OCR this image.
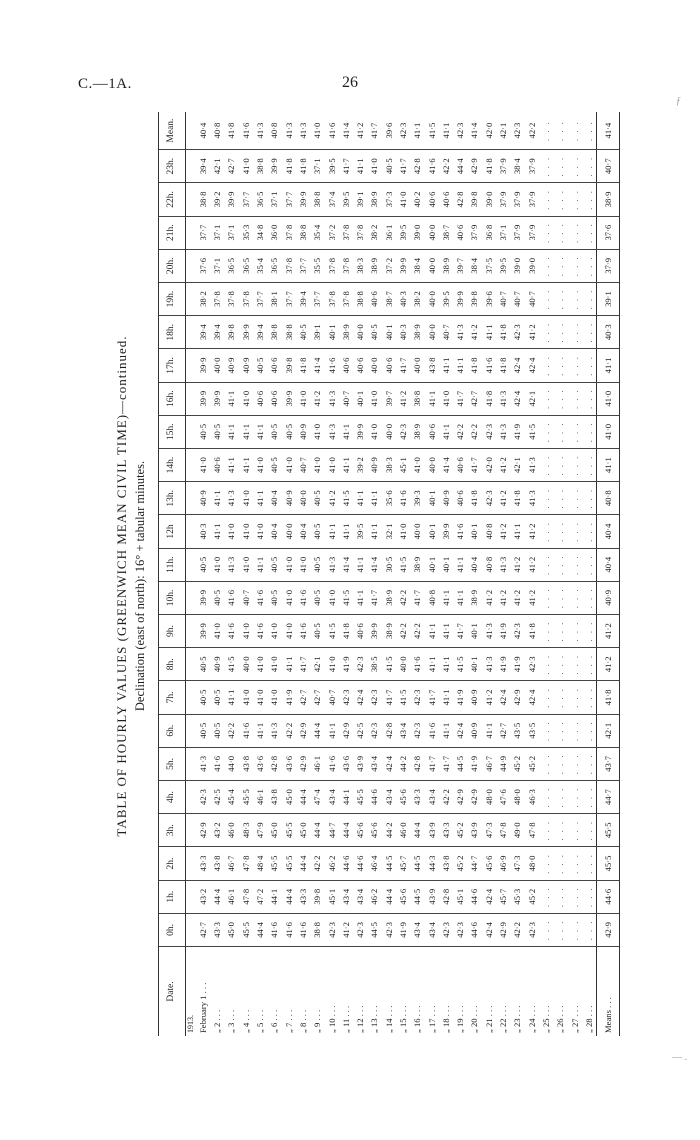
C.—1A.	26
ƒ
— .
TABLE OF HOURLY VALUES (GREENWICH MEAN CIVIL TIME)—continued. Declination (east of north): 16° + tabular minutes.
Date.	0h.	1h.	2h.	3h.	4h.	5h.	6h.	7h.	8h.	9h.	10h.	11h.	12h	13h.	14h.	15h.	16h.	17h.	18h.	19h.	20h.	21h.	22h.	23h.	Mean.
1913.																									
February 1 . . .	42·7	43·2	43·3	42·9	42·3	41·3	40·5	40·5	40·5	39·9	39·9	40·5	40·3	40·9	41·0	40·5	39·9	39·9	39·4	38·2	37·6	37·7	38·8	39·4	40·4
„ 2 . . .	43·3	44·4	43·8	43·2	42·5	41·6	40·5	40·5	40·9	41·0	40·5	41·0	41·1	41·1	40·6	40·5	39·9	40·0	39·4	37·8	37·1	37·1	39·2	42·1	40·8
„ 3 . . .	45·0	46·1	46·7	46·0	45·4	44·0	42·2	41·1	41·5	41·6	41·6	41·3	41·0	41·3	41·1	41·1	41·1	40·9	39·8	37·8	36·5	37·1	39·9	42·7	41·8
„ 4 . . .	45·5	47·8	47·8	48·3	45·5	43·8	41·6	41·0	40·0	41·0	40·7	41·0	41·0	41·0	41·1	41·1	41·0	40·9	39·9	37·8	36·5	35·3	37·7	41·0	41·6
„ 5 . . .	44·4	47·2	48·4	47·9	46·1	43·6	41·1	41·0	41·0	41·6	41·6	41·1	41·0	41·1	41·0	41·1	40·6	40·5	39·4	37·7	35·4	34·8	36·5	38·8	41·3
„ 6 . . .	41·6	44·1	45·5	45·0	43·8	42·8	41·3	41·0	41·0	41·0	40·5	40·5	40·4	40·4	40·5	40·5	40·6	40·6	38·8	38·1	36·5	36·0	37·1	39·9	40·8
„ 7 . . .	41·6	44·4	45·5	45·5	45·0	43·6	42·2	41·9	41·1	41·0	41·0	41·0	40·0	40·9	41·0	40·5	39·9	39·8	38·8	37·7	37·8	37·8	37·7	41·8	41·3
„ 8 . . .	41·6	43·3	44·4	45·0	44·4	42·9	42·9	42·7	41·7	41·6	41·6	41·0	40·4	40·0	40·7	40·9	41·0	41·8	40·5	39·4	37·7	38·8	39·9	41·8	41·3
„ 9 . . .	38·8	39·8	42·2	44·4	47·4	46·1	44·4	42·7	42·1	40·5	40·5	40·5	40·5	40·5	41·0	41·0	41·2	41·4	39·1	37·7	35·5	35·4	38·8	37·1	41·0
„ 10 . . .	42·3	45·1	46·2	44·7	43·4	41·6	41·1	40·7	41·0	41·5	41·0	41·3	41·1	41·2	41·0	41·3	41·3	41·6	40·1	37·8	37·8	37·2	37·4	39·5	41·6
„ 11 . . .	41·2	43·4	44·6	44·4	44·1	43·6	42·9	42·3	41·9	41·8	41·5	41·4	41·1	41·5	41·1	41·1	40·7	40·6	38·9	37·8	37·8	37·8	39·5	41·7	41·4
„ 12 . . .	42·3	43·4	44·6	45·6	45·5	43·9	42·5	42·4	42·3	40·6	41·1	41·1	39·5	41·1	39·2	39·9	40·1	40·6	40·0	38·8	38·3	37·8	39·1	41·1	41·2
„ 13 . . .	44·5	46·2	46·4	45·6	44·6	43·4	42·3	42·3	38·5	39·9	41·7	41·4	41·1	41·1	40·9	41·0	41·0	40·0	40·5	40·6	38·9	38·2	38·9	41·0	41·7
„ 14 . . .	42·3	44·4	44·5	44·2	43·4	42·4	42·8	41·7	41·5	38·9	38·9	30·5	32·1	35·6	38·3	40·0	39·7	40·6	40·1	38·7	37·2	36·1	37·3	40·5	39·6
„ 15 . . .	41·9	45·6	45·7	46·0	45·6	44·2	43·4	41·5	40·0	42·2	42·2	41·5	41·0	41·6	45·1	42·3	41·2	41·7	40·3	40·3	39·9	39·5	41·0	41·7	42·3
„ 16 . . .	43·4	44·5	44·5	44·4	43·3	42·8	42·3	42·3	41·6	42·2	41·7	38·9	40·0	39·3	41·0	38·9	38·8	40·0	38·9	38·2	38·4	39·0	40·2	42·8	41·1
„ 17 . . .	43·4	43·9	44·3	43·9	43·4	41·7	41·6	41·7	41·1	41·1	40·8	40·1	40·1	40·1	40·0	40·6	41·1	43·8	40·0	40·0	40·0	40·0	40·6	41·6	41·5
„ 18 . . .	42·3	42·8	43·8	43·3	42·2	41·7	41·1	41·1	41·1	41·1	41·1	40·1	39·9	40·9	41·4	41·1	41·0	41·1	40·7	39·5	38·9	38·7	40·6	42·2	41·1
„ 19 . . .	42·3	45·1	45·2	45·2	42·9	44·5	42·4	41·9	41·5	41·7	41·1	41·1	41·6	40·6	40·6	42·2	41·7	41·1	41·3	39·9	39·7	40·6	42·8	44·4	42·3
„ 20 . . .	44·6	44·6	44·7	43·9	42·9	41·9	40·9	40·9	40·1	40·1	38·9	40·4	40·1	41·8	41·7	42·2	42·7	41·8	41·2	39·8	38·4	37·9	39·8	42·9	41·4
„ 21 . . .	42·4	42·4	45·6	47·3	48·0	46·7	41·1	41·2	41·3	41·3	41·2	40·8	40·8	42·3	42·0	42·3	41·8	41·6	41·1	39·6	37·5	36·8	39·0	41·8	42·0
„ 22 . . .	42·9	45·7	46·9	47·8	47·6	44·9	42·7	42·4	41·9	41·9	41·2	41·3	41·2	41·2	41·2	41·3	41·3	41·8	41·8	40·7	39·5	37·1	37·9	37·9	42·1
„ 23 . . .	42·2	45·3	47·3	49·0	48·0	45·2	43·5	42·9	41·9	42·3	41·2	41·2	41·1	41·8	42·1	41·9	42·4	42·4	42·3	40·7	39·0	37·9	37·9	38·4	42·3
„ 24 . . .	42·3	45·2	48·0	47·8	46·3	45·2	43·5	42·4	42·3	41·8	41·2	41·2	41·2	41·3	41·3	41·5	42·1	42·4	41·2	40·7	39·0	37·9	37·9	37·9	42·2
„ 25 . . .	. . .	. . .	. . .	. . .	. . .	. . .	. . .	. . .	. . .	. . .	. . .	. . .	. . .	. . .	. . .	. . .	. . .	. . .	. . .	. . .	. . .	. . .	. . .	. . .	. . .
„ 26 . . .	. . .	. . .	. . .	. . .	. . .	. . .	. . .	. . .	. . .	. . .	. . .	. . .	. . .	. . .	. . .	. . .	. . .	. . .	. . .	. . .	. . .	. . .	. . .	. . .	. . .
„ 27 . . .	. . .	. . .	. . .	. . .	. . .	. . .	. . .	. . .	. . .	. . .	. . .	. . .	. . .	. . .	. . .	. . .	. . .	. . .	. . .	. . .	. . .	. . .	. . .	. . .	. . .
„ 28 . . .	. . .	. . .	. . .	. . .	. . .	. . .	. . .	. . .	. . .	. . .	. . .	. . .	. . .	. . .	. . .	. . .	. . .	. . .	. . .	. . .	. . .	. . .	. . .	. . .	. . .
Means . . .	42·9	44·6	45·5	45·5	44·7	43·7	42·1	41·8	41·2	41·2	40·9	40·4	40·4	40·8	41·1	41·0	41·0	41·1	40·3	39·1	37·9	37·6	38·9	40·7	41·4
